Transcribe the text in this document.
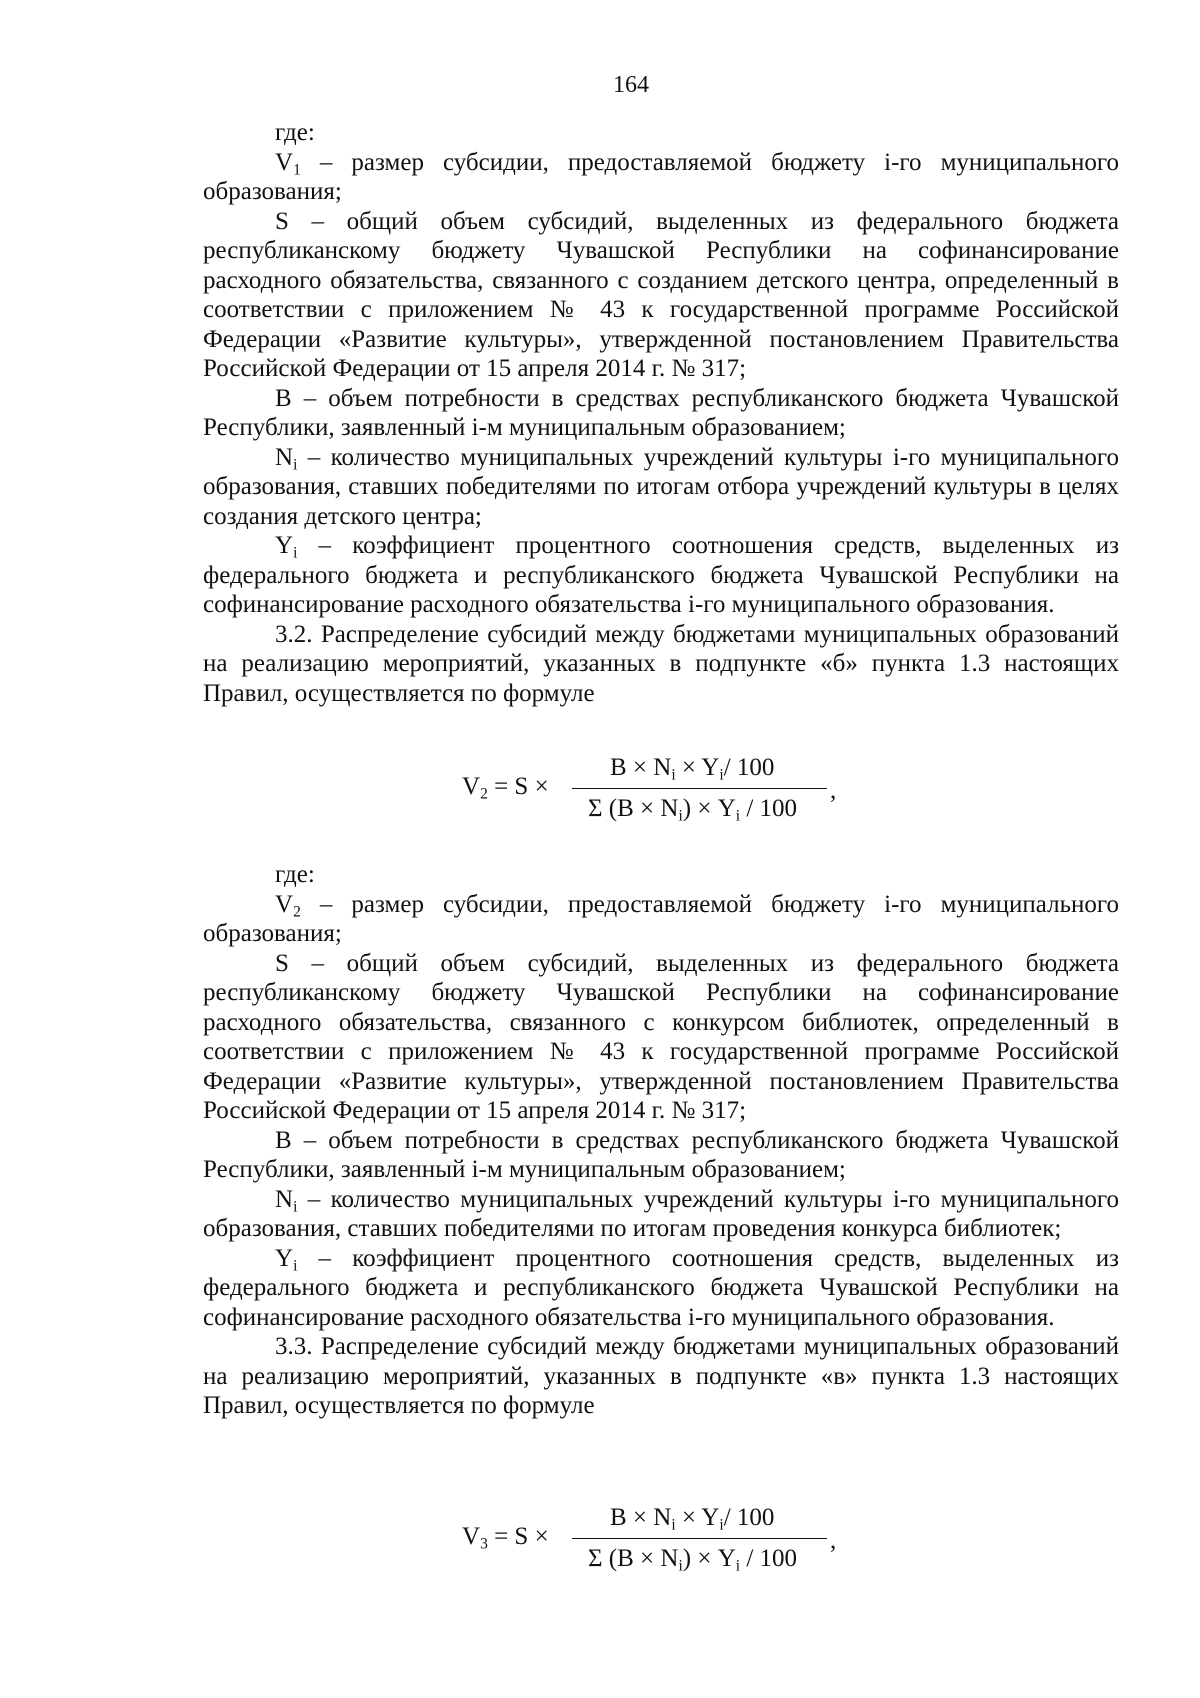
164

где:

$V_1$ – размер субсидии, предоставляемой бюджету i-го муниципального образования;

S – общий объем субсидий, выделенных из федерального бюджета республиканскому бюджету Чувашской Республики на софинансирование расходного обязательства, связанного с созданием детского центра, определенный в соответствии с приложением № 43 к государственной программе Российской Федерации «Развитие культуры», утвержденной постановлением Правительства Российской Федерации от 15 апреля 2014 г. № 317;

B – объем потребности в средствах республиканского бюджета Чувашской Республики, заявленный i-м муниципальным образованием;

$N_i$ – количество муниципальных учреждений культуры i-го муниципального образования, ставших победителями по итогам отбора учреждений культуры в целях создания детского центра;

$Y_i$ – коэффициент процентного соотношения средств, выделенных из федерального бюджета и республиканского бюджета Чувашской Республики на софинансирование расходного обязательства i-го муниципального образования.

3.2. Распределение субсидий между бюджетами муниципальных образований на реализацию мероприятий, указанных в подпункте «б» пункта 1.3 настоящих Правил, осуществляется по формуле

$V_2 = S$ ×
$B \times N_i \times Y_i/$ 100
Σ $(B \times N_i) \times Y_i / 100$
,

где:

$V_2$ – размер субсидии, предоставляемой бюджету i-го муниципального образования;

S – общий объем субсидий, выделенных из федерального бюджета республиканскому бюджету Чувашской Республики на софинансирование расходного обязательства, связанного с конкурсом библиотек, определенный в соответствии с приложением № 43 к государственной программе Российской Федерации «Развитие культуры», утвержденной постановлением Правительства Российской Федерации от 15 апреля 2014 г. № 317;

B – объем потребности в средствах республиканского бюджета Чувашской Республики, заявленный i-м муниципальным образованием;

$N_i$ – количество муниципальных учреждений культуры i-го муниципального образования, ставших победителями по итогам проведения конкурса библиотек;

$Y_i$ – коэффициент процентного соотношения средств, выделенных из федерального бюджета и республиканского бюджета Чувашской Республики на софинансирование расходного обязательства i-го муниципального образования.

3.3. Распределение субсидий между бюджетами муниципальных образований на реализацию мероприятий, указанных в подпункте «в» пункта 1.3 настоящих Правил, осуществляется по формуле

$V_3 = S$ ×
$B \times N_i \times Y_i/$ 100
Σ $(B \times N_i) \times Y_i / 100$
,
